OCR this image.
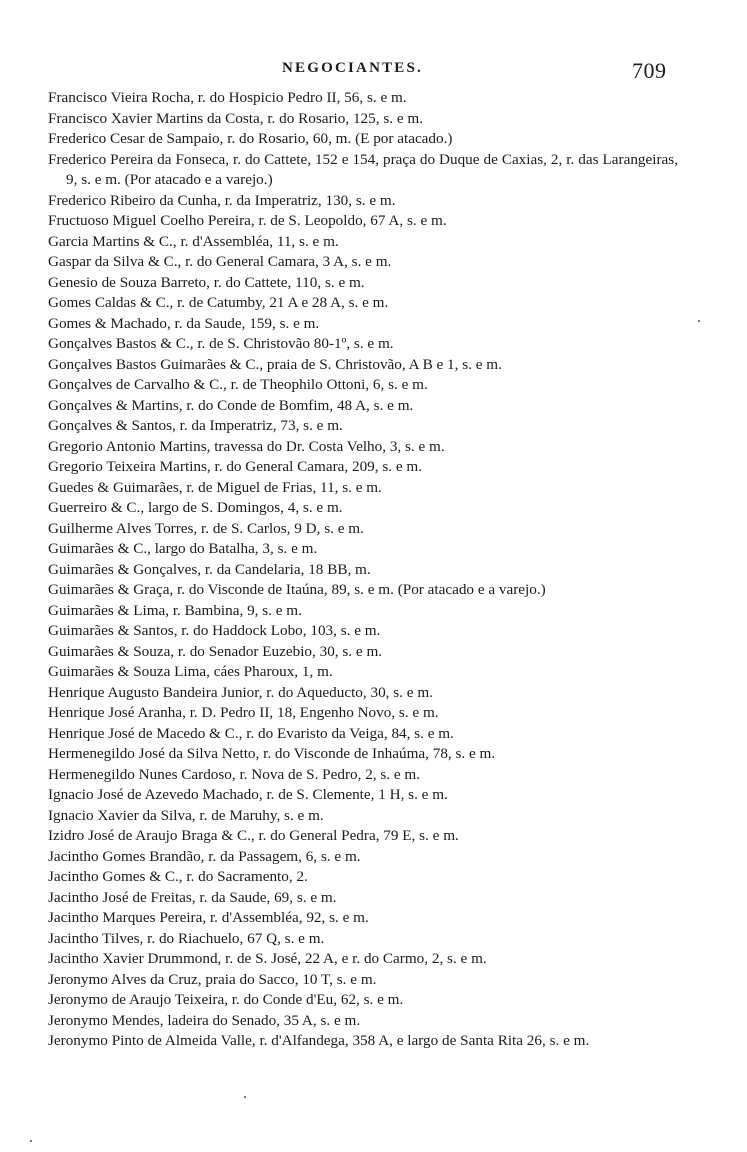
NEGOCIANTES.	709
Francisco Vieira Rocha, r. do Hospicio Pedro II, 56, s. e m.
Francisco Xavier Martins da Costa, r. do Rosario, 125, s. e m.
Frederico Cesar de Sampaio, r. do Rosario, 60, m. (E por atacado.)
Frederico Pereira da Fonseca, r. do Cattete, 152 e 154, praça do Duque de Caxias, 2, r. das Larangeiras, 9, s. e m. (Por atacado e a varejo.)
Frederico Ribeiro da Cunha, r. da Imperatriz, 130, s. e m.
Fructuoso Miguel Coelho Pereira, r. de S. Leopoldo, 67 A, s. e m.
Garcia Martins & C., r. d'Assembléa, 11, s. e m.
Gaspar da Silva & C., r. do General Camara, 3 A, s. e m.
Genesio de Souza Barreto, r. do Cattete, 110, s. e m.
Gomes Caldas & C., r. de Catumby, 21 A e 28 A, s. e m.
Gomes & Machado, r. da Saude, 159, s. e m.
Gonçalves Bastos & C., r. de S. Christovão 80-1º, s. e m.
Gonçalves Bastos Guimarães & C., praia de S. Christovão, A B e 1, s. e m.
Gonçalves de Carvalho & C., r. de Theophilo Ottoni, 6, s. e m.
Gonçalves & Martins, r. do Conde de Bomfim, 48 A, s. e m.
Gonçalves & Santos, r. da Imperatriz, 73, s. e m.
Gregorio Antonio Martins, travessa do Dr. Costa Velho, 3, s. e m.
Gregorio Teixeira Martins, r. do General Camara, 209, s. e m.
Guedes & Guimarães, r. de Miguel de Frias, 11, s. e m.
Guerreiro & C., largo de S. Domingos, 4, s. e m.
Guilherme Alves Torres, r. de S. Carlos, 9 D, s. e m.
Guimarães & C., largo do Batalha, 3, s. e m.
Guimarães & Gonçalves, r. da Candelaria, 18 BB, m.
Guimarães & Graça, r. do Visconde de Itaúna, 89, s. e m. (Por atacado e a varejo.)
Guimarães & Lima, r. Bambina, 9, s. e m.
Guimarães & Santos, r. do Haddock Lobo, 103, s. e m.
Guimarães & Souza, r. do Senador Euzebio, 30, s. e m.
Guimarães & Souza Lima, cáes Pharoux, 1, m.
Henrique Augusto Bandeira Junior, r. do Aqueducto, 30, s. e m.
Henrique José Aranha, r. D. Pedro II, 18, Engenho Novo, s. e m.
Henrique José de Macedo & C., r. do Evaristo da Veiga, 84, s. e m.
Hermenegildo José da Silva Netto, r. do Visconde de Inhaúma, 78, s. e m.
Hermenegildo Nunes Cardoso, r. Nova de S. Pedro, 2, s. e m.
Ignacio José de Azevedo Machado, r. de S. Clemente, 1 H, s. e m.
Ignacio Xavier da Silva, r. de Maruhy, s. e m.
Izidro José de Araujo Braga & C., r. do General Pedra, 79 E, s. e m.
Jacintho Gomes Brandão, r. da Passagem, 6, s. e m.
Jacintho Gomes & C., r. do Sacramento, 2.
Jacintho José de Freitas, r. da Saude, 69, s. e m.
Jacintho Marques Pereira, r. d'Assembléa, 92, s. e m.
Jacintho Tilves, r. do Riachuelo, 67 Q, s. e m.
Jacintho Xavier Drummond, r. de S. José, 22 A, e r. do Carmo, 2, s. e m.
Jeronymo Alves da Cruz, praia do Sacco, 10 T, s. e m.
Jeronymo de Araujo Teixeira, r. do Conde d'Eu, 62, s. e m.
Jeronymo Mendes, ladeira do Senado, 35 A, s. e m.
Jeronymo Pinto de Almeida Valle, r. d'Alfandega, 358 A, e largo de Santa Rita 26, s. e m.
